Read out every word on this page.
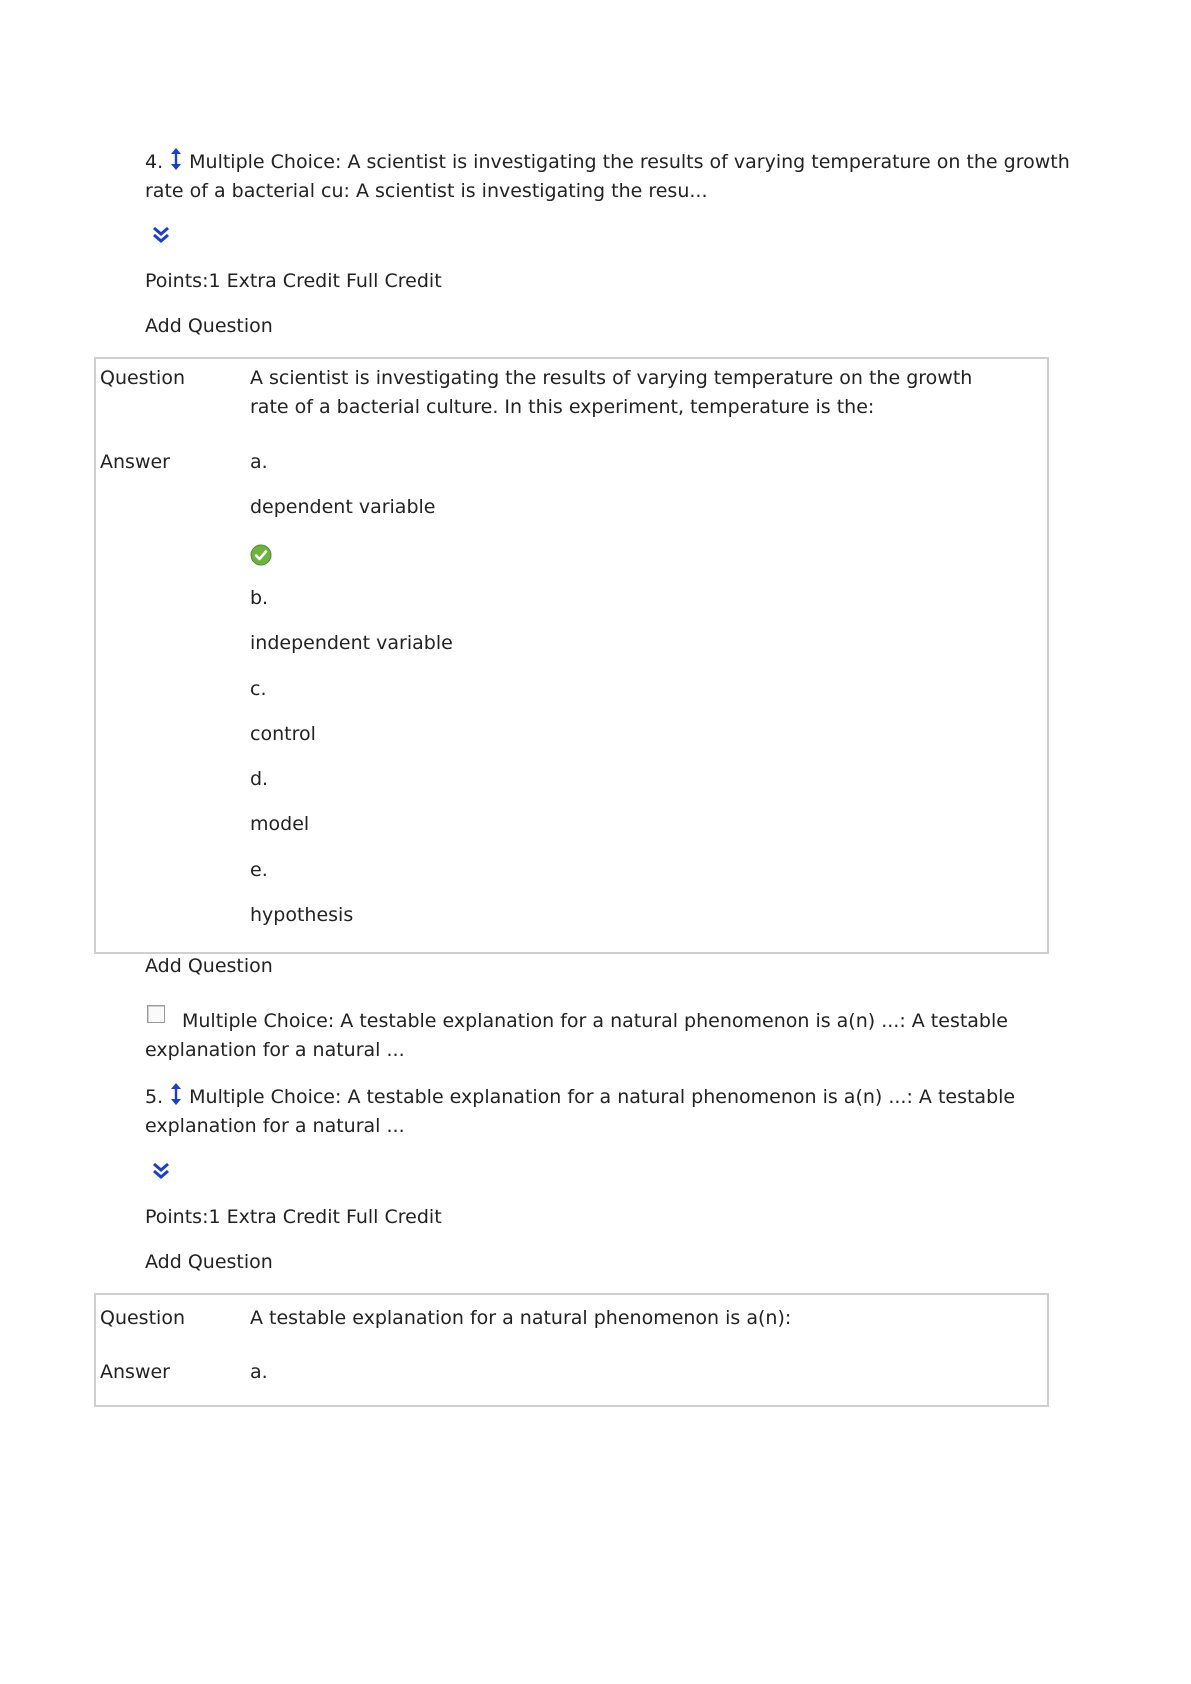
4. Multiple Choice: A scientist is investigating the results of varying temperature on the growth rate of a bacterial cu: A scientist is investigating the resu...
Points:1 Extra Credit Full Credit
Add Question
Question	A scientist is investigating the results of varying temperature on the growth rate of a bacterial culture. In this experiment, temperature is the:
Answer	a.
dependent variable
b.
independent variable
c.
control
d.
model
e.
hypothesis
Add Question
Multiple Choice: A testable explanation for a natural phenomenon is a(n) ...: A testable explanation for a natural ...
5. Multiple Choice: A testable explanation for a natural phenomenon is a(n) ...: A testable explanation for a natural ...
Points:1 Extra Credit Full Credit
Add Question
Question	A testable explanation for a natural phenomenon is a(n):
Answer	a.
